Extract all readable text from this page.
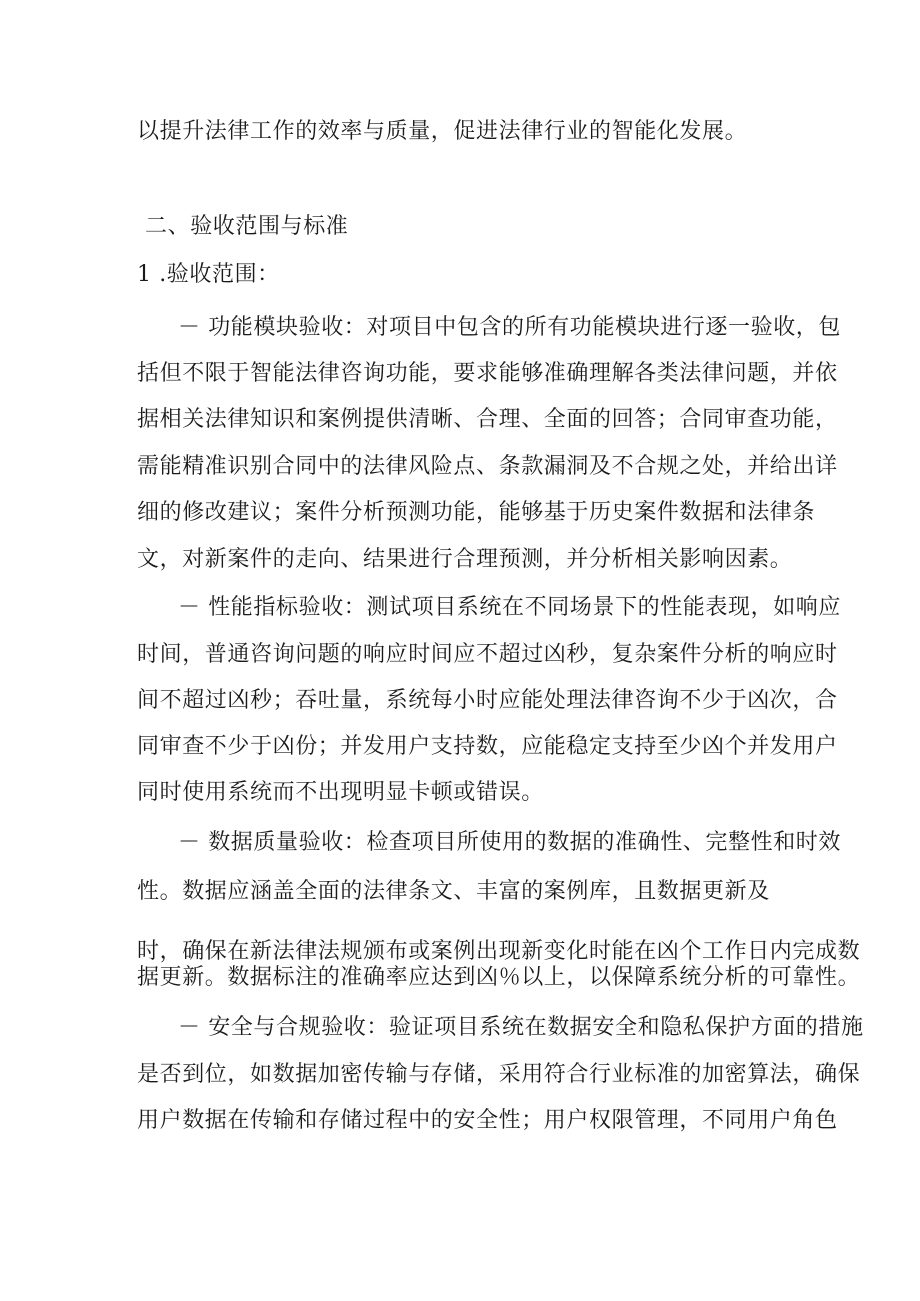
以提升法律工作的效率与质量，促进法律行业的智能化发展。
二、验收范围与标准
1 .验收范围：
－ 功能模块验收：对项目中包含的所有功能模块进行逐一验收，包
括但不限于智能法律咨询功能，要求能够准确理解各类法律问题，并依
据相关法律知识和案例提供清晰、合理、全面的回答；合同审查功能，
需能精准识别合同中的法律风险点、条款漏洞及不合规之处，并给出详
细的修改建议；案件分析预测功能，能够基于历史案件数据和法律条
文，对新案件的走向、结果进行合理预测，并分析相关影响因素。
－ 性能指标验收：测试项目系统在不同场景下的性能表现，如响应
时间，普通咨询问题的响应时间应不超过凶秒，复杂案件分析的响应时
间不超过凶秒；吞吐量，系统每小时应能处理法律咨询不少于凶次，合
同审查不少于凶份；并发用户支持数，应能稳定支持至少凶个并发用户
同时使用系统而不出现明显卡顿或错误。
－ 数据质量验收：检查项目所使用的数据的准确性、完整性和时效
性。数据应涵盖全面的法律条文、丰富的案例库，且数据更新及
时，确保在新法律法规颁布或案例出现新变化时能在凶个工作日内完成数
据更新。数据标注的准确率应达到凶％以上，以保障系统分析的可靠性。
－ 安全与合规验收：验证项目系统在数据安全和隐私保护方面的措施
是否到位，如数据加密传输与存储，采用符合行业标准的加密算法，确保
用户数据在传输和存储过程中的安全性；用户权限管理，不同用户角色
